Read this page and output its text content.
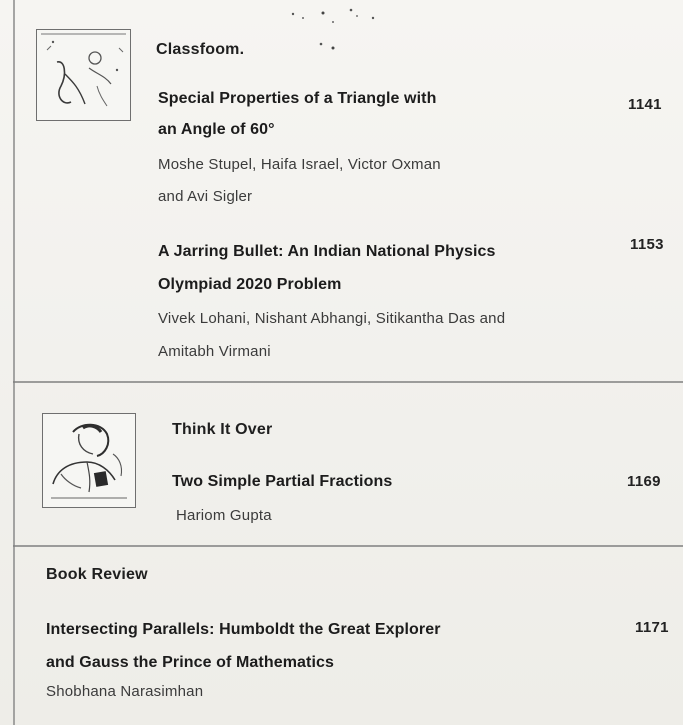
Classfoom.
Special Properties of a Triangle with
an Angle of 60°
1141
Moshe Stupel, Haifa Israel, Victor Oxman
and Avi Sigler
A Jarring Bullet: An Indian National Physics
Olympiad 2020 Problem
1153
Vivek Lohani, Nishant Abhangi, Sitikantha Das and
Amitabh Virmani
Think It Over
Two Simple Partial Fractions	1169
Hariom Gupta
Book Review
Intersecting Parallels: Humboldt the Great Explorer
and Gauss the Prince of Mathematics
1171
Shobhana Narasimhan
